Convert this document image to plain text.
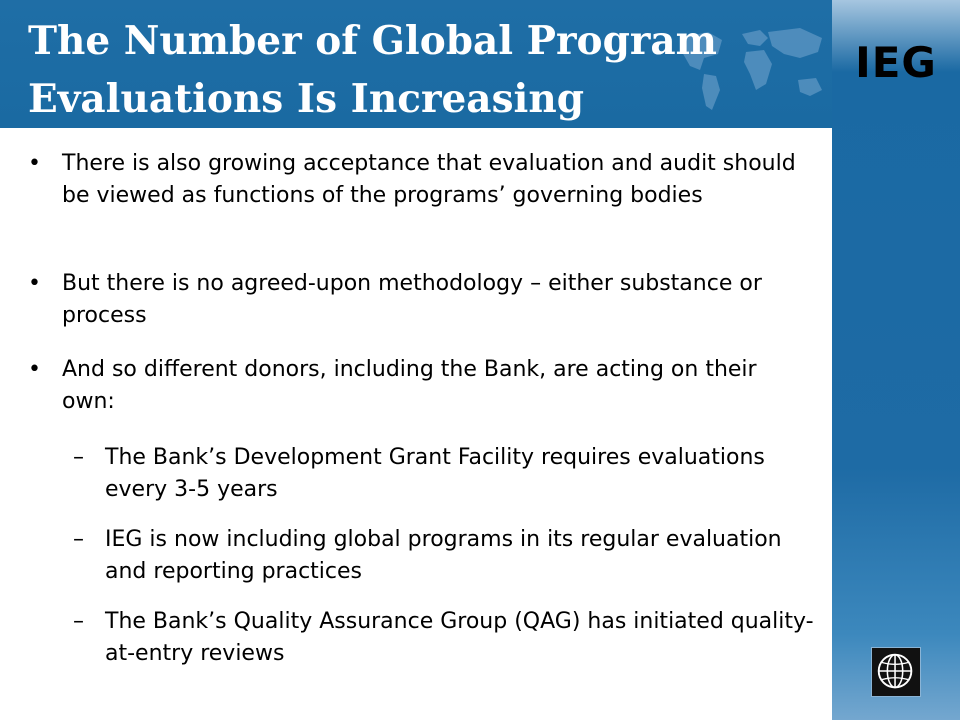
The Number of Global Program
Evaluations Is Increasing
IEG
• There is also growing acceptance that evaluation and audit should be viewed as functions of the programs’ governing bodies
• But there is no agreed-upon methodology – either substance or process
• And so different donors, including the Bank, are acting on their own:
– The Bank’s Development Grant Facility requires evaluations every 3-5 years
– IEG is now including global programs in its regular evaluation and reporting practices
– The Bank’s Quality Assurance Group (QAG) has initiated quality-at-entry reviews
